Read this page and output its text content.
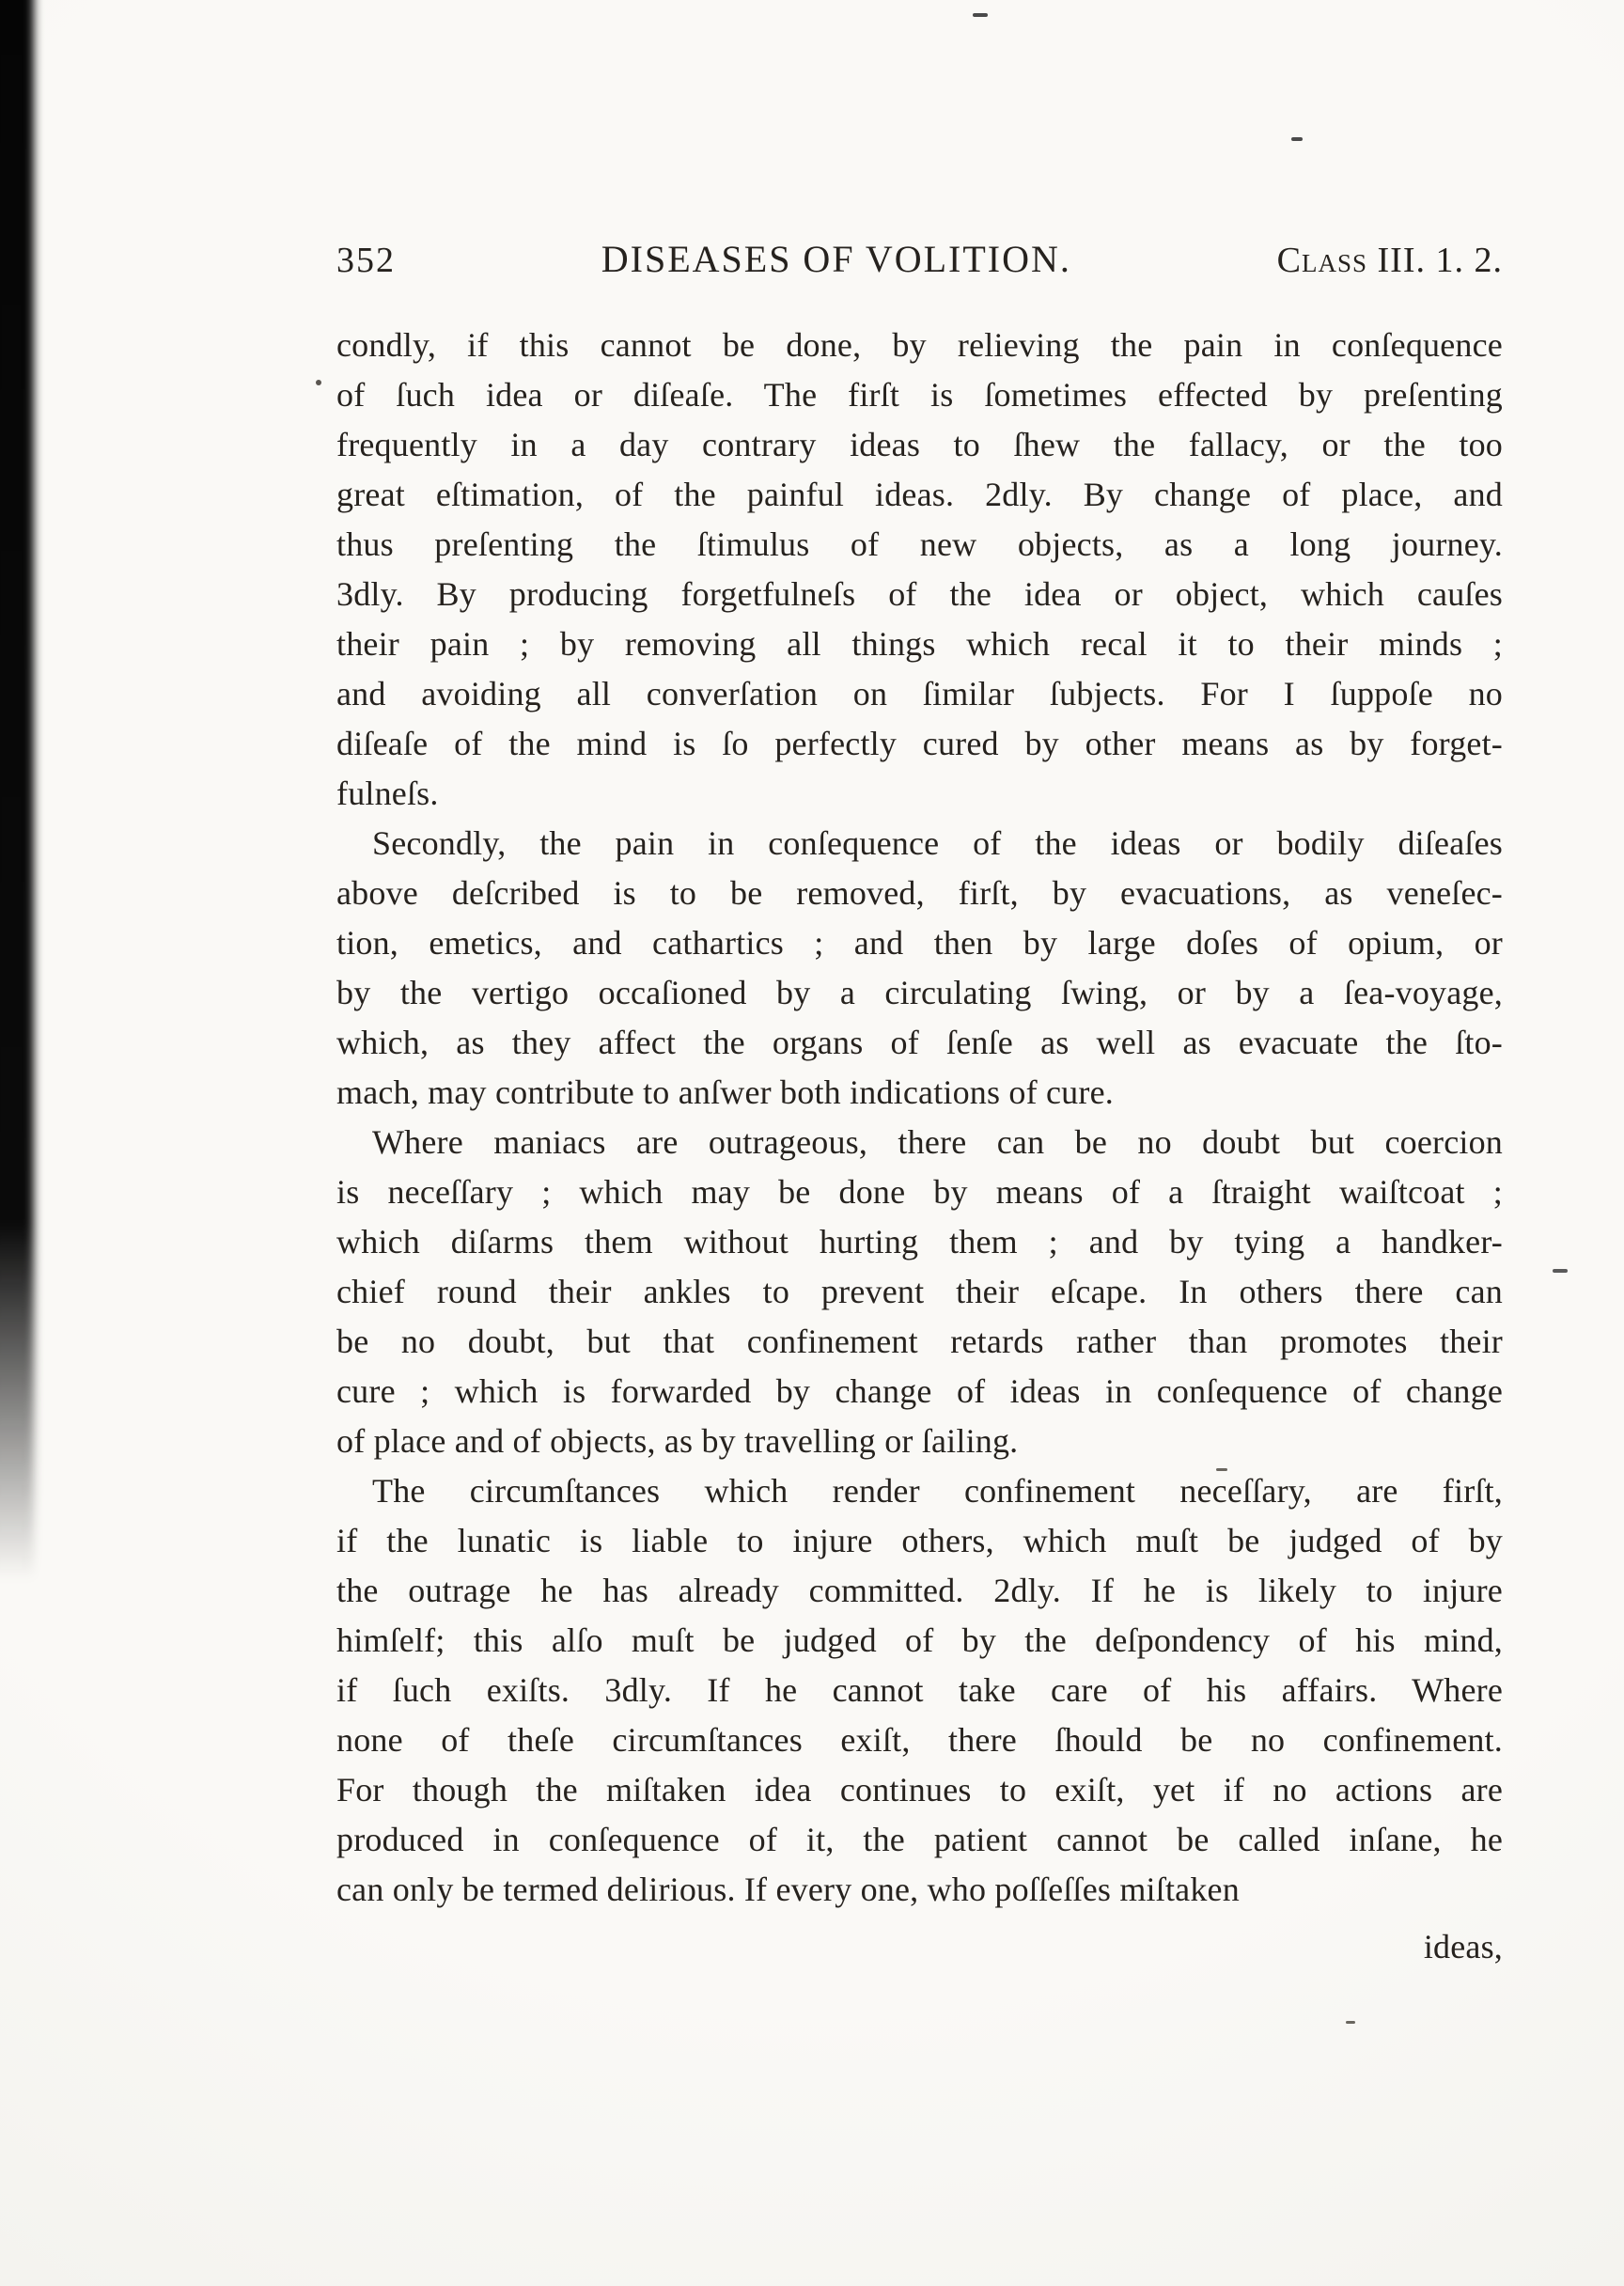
352	DISEASES OF VOLITION.	Class III. 1. 2.
condly, if this cannot be done, by relieving the pain in conſequence
of ſuch idea or diſeaſe. The firſt is ſometimes effected by preſenting
frequently in a day contrary ideas to ſhew the fallacy, or the too
great eſtimation, of the painful ideas. 2dly. By change of place, and
thus preſenting the ſtimulus of new objects, as a long journey.
3dly. By producing forgetfulneſs of the idea or object, which cauſes
their pain ; by removing all things which recal it to their minds ;
and avoiding all converſation on ſimilar ſubjects. For I ſuppoſe no
diſeaſe of the mind is ſo perfectly cured by other means as by forget-
fulneſs.
Secondly, the pain in conſequence of the ideas or bodily diſeaſes
above deſcribed is to be removed, firſt, by evacuations, as veneſec-
tion, emetics, and cathartics ; and then by large doſes of opium, or
by the vertigo occaſioned by a circulating ſwing, or by a ſea-voyage,
which, as they affect the organs of ſenſe as well as evacuate the ſto-
mach, may contribute to anſwer both indications of cure.
Where maniacs are outrageous, there can be no doubt but coercion
is neceſſary ; which may be done by means of a ſtraight waiſtcoat ;
which diſarms them without hurting them ; and by tying a handker-
chief round their ankles to prevent their eſcape. In others there can
be no doubt, but that confinement retards rather than promotes their
cure ; which is forwarded by change of ideas in conſequence of change
of place and of objects, as by travelling or ſailing.
The circumſtances which render confinement neceſſary, are firſt,
if the lunatic is liable to injure others, which muſt be judged of by
the outrage he has already committed. 2dly. If he is likely to injure
himſelf; this alſo muſt be judged of by the deſpondency of his mind,
if ſuch exiſts. 3dly. If he cannot take care of his affairs. Where
none of theſe circumſtances exiſt, there ſhould be no confinement.
For though the miſtaken idea continues to exiſt, yet if no actions are
produced in conſequence of it, the patient cannot be called inſane, he
can only be termed delirious. If every one, who poſſeſſes miſtaken
ideas,
